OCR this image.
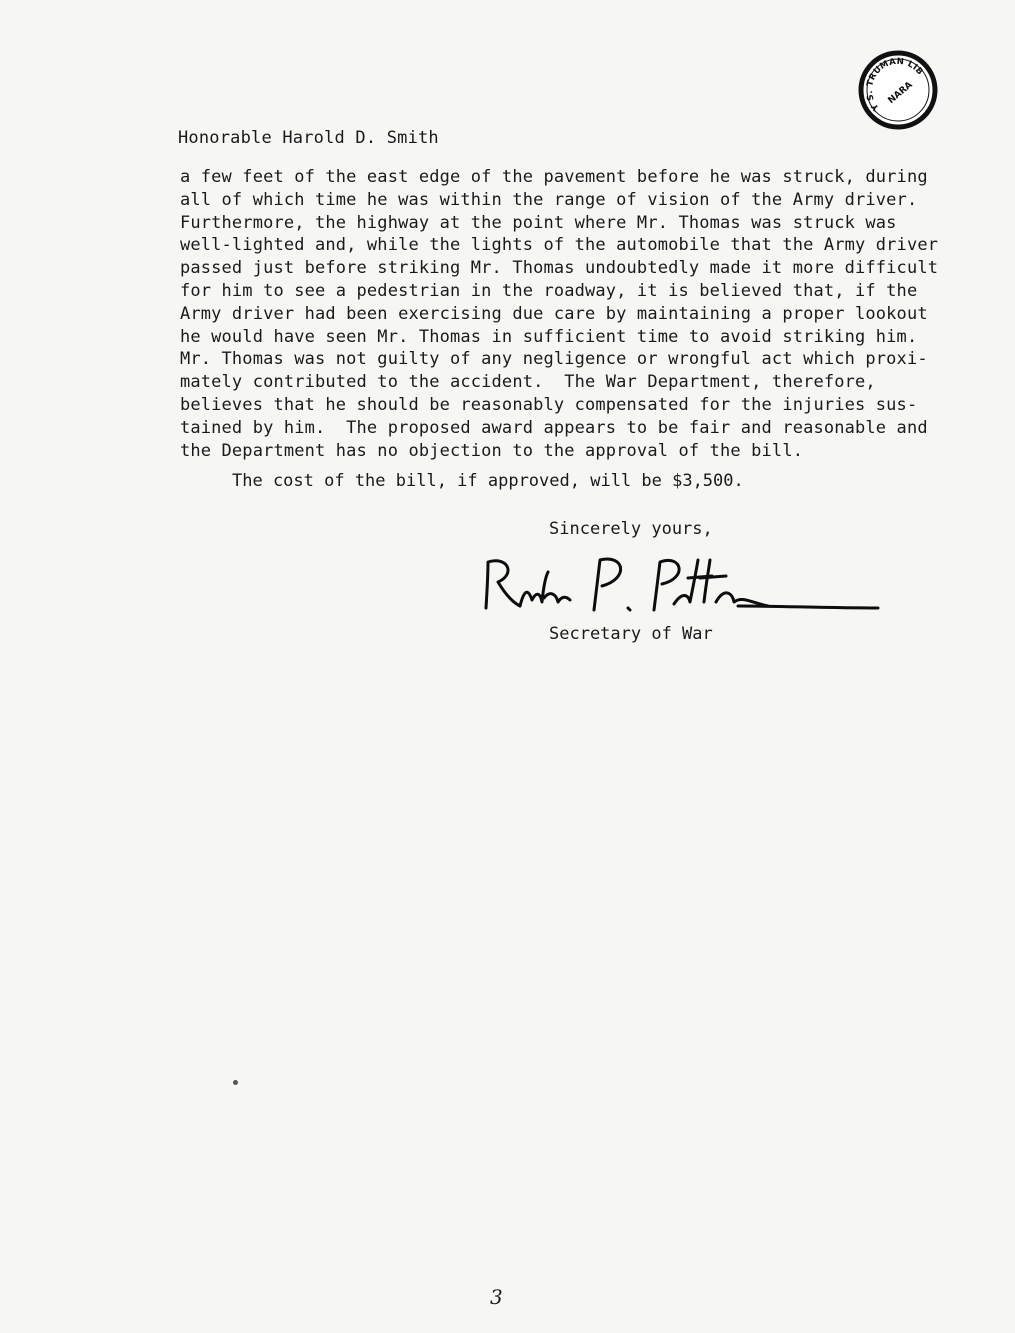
HARRY S. TRUMAN LIBRARY	NARA
Honorable Harold D. Smith
a few feet of the east edge of the pavement before he was struck, during
all of which time he was within the range of vision of the Army driver.
Furthermore, the highway at the point where Mr. Thomas was struck was
well-lighted and, while the lights of the automobile that the Army driver
passed just before striking Mr. Thomas undoubtedly made it more difficult
for him to see a pedestrian in the roadway, it is believed that, if the
Army driver had been exercising due care by maintaining a proper lookout
he would have seen Mr. Thomas in sufficient time to avoid striking him.
Mr. Thomas was not guilty of any negligence or wrongful act which proxi-
mately contributed to the accident.  The War Department, therefore,
believes that he should be reasonably compensated for the injuries sus-
tained by him.  The proposed award appears to be fair and reasonable and
the Department has no objection to the approval of the bill.
The cost of the bill, if approved, will be $3,500.
Sincerely yours,
Secretary of War
3
